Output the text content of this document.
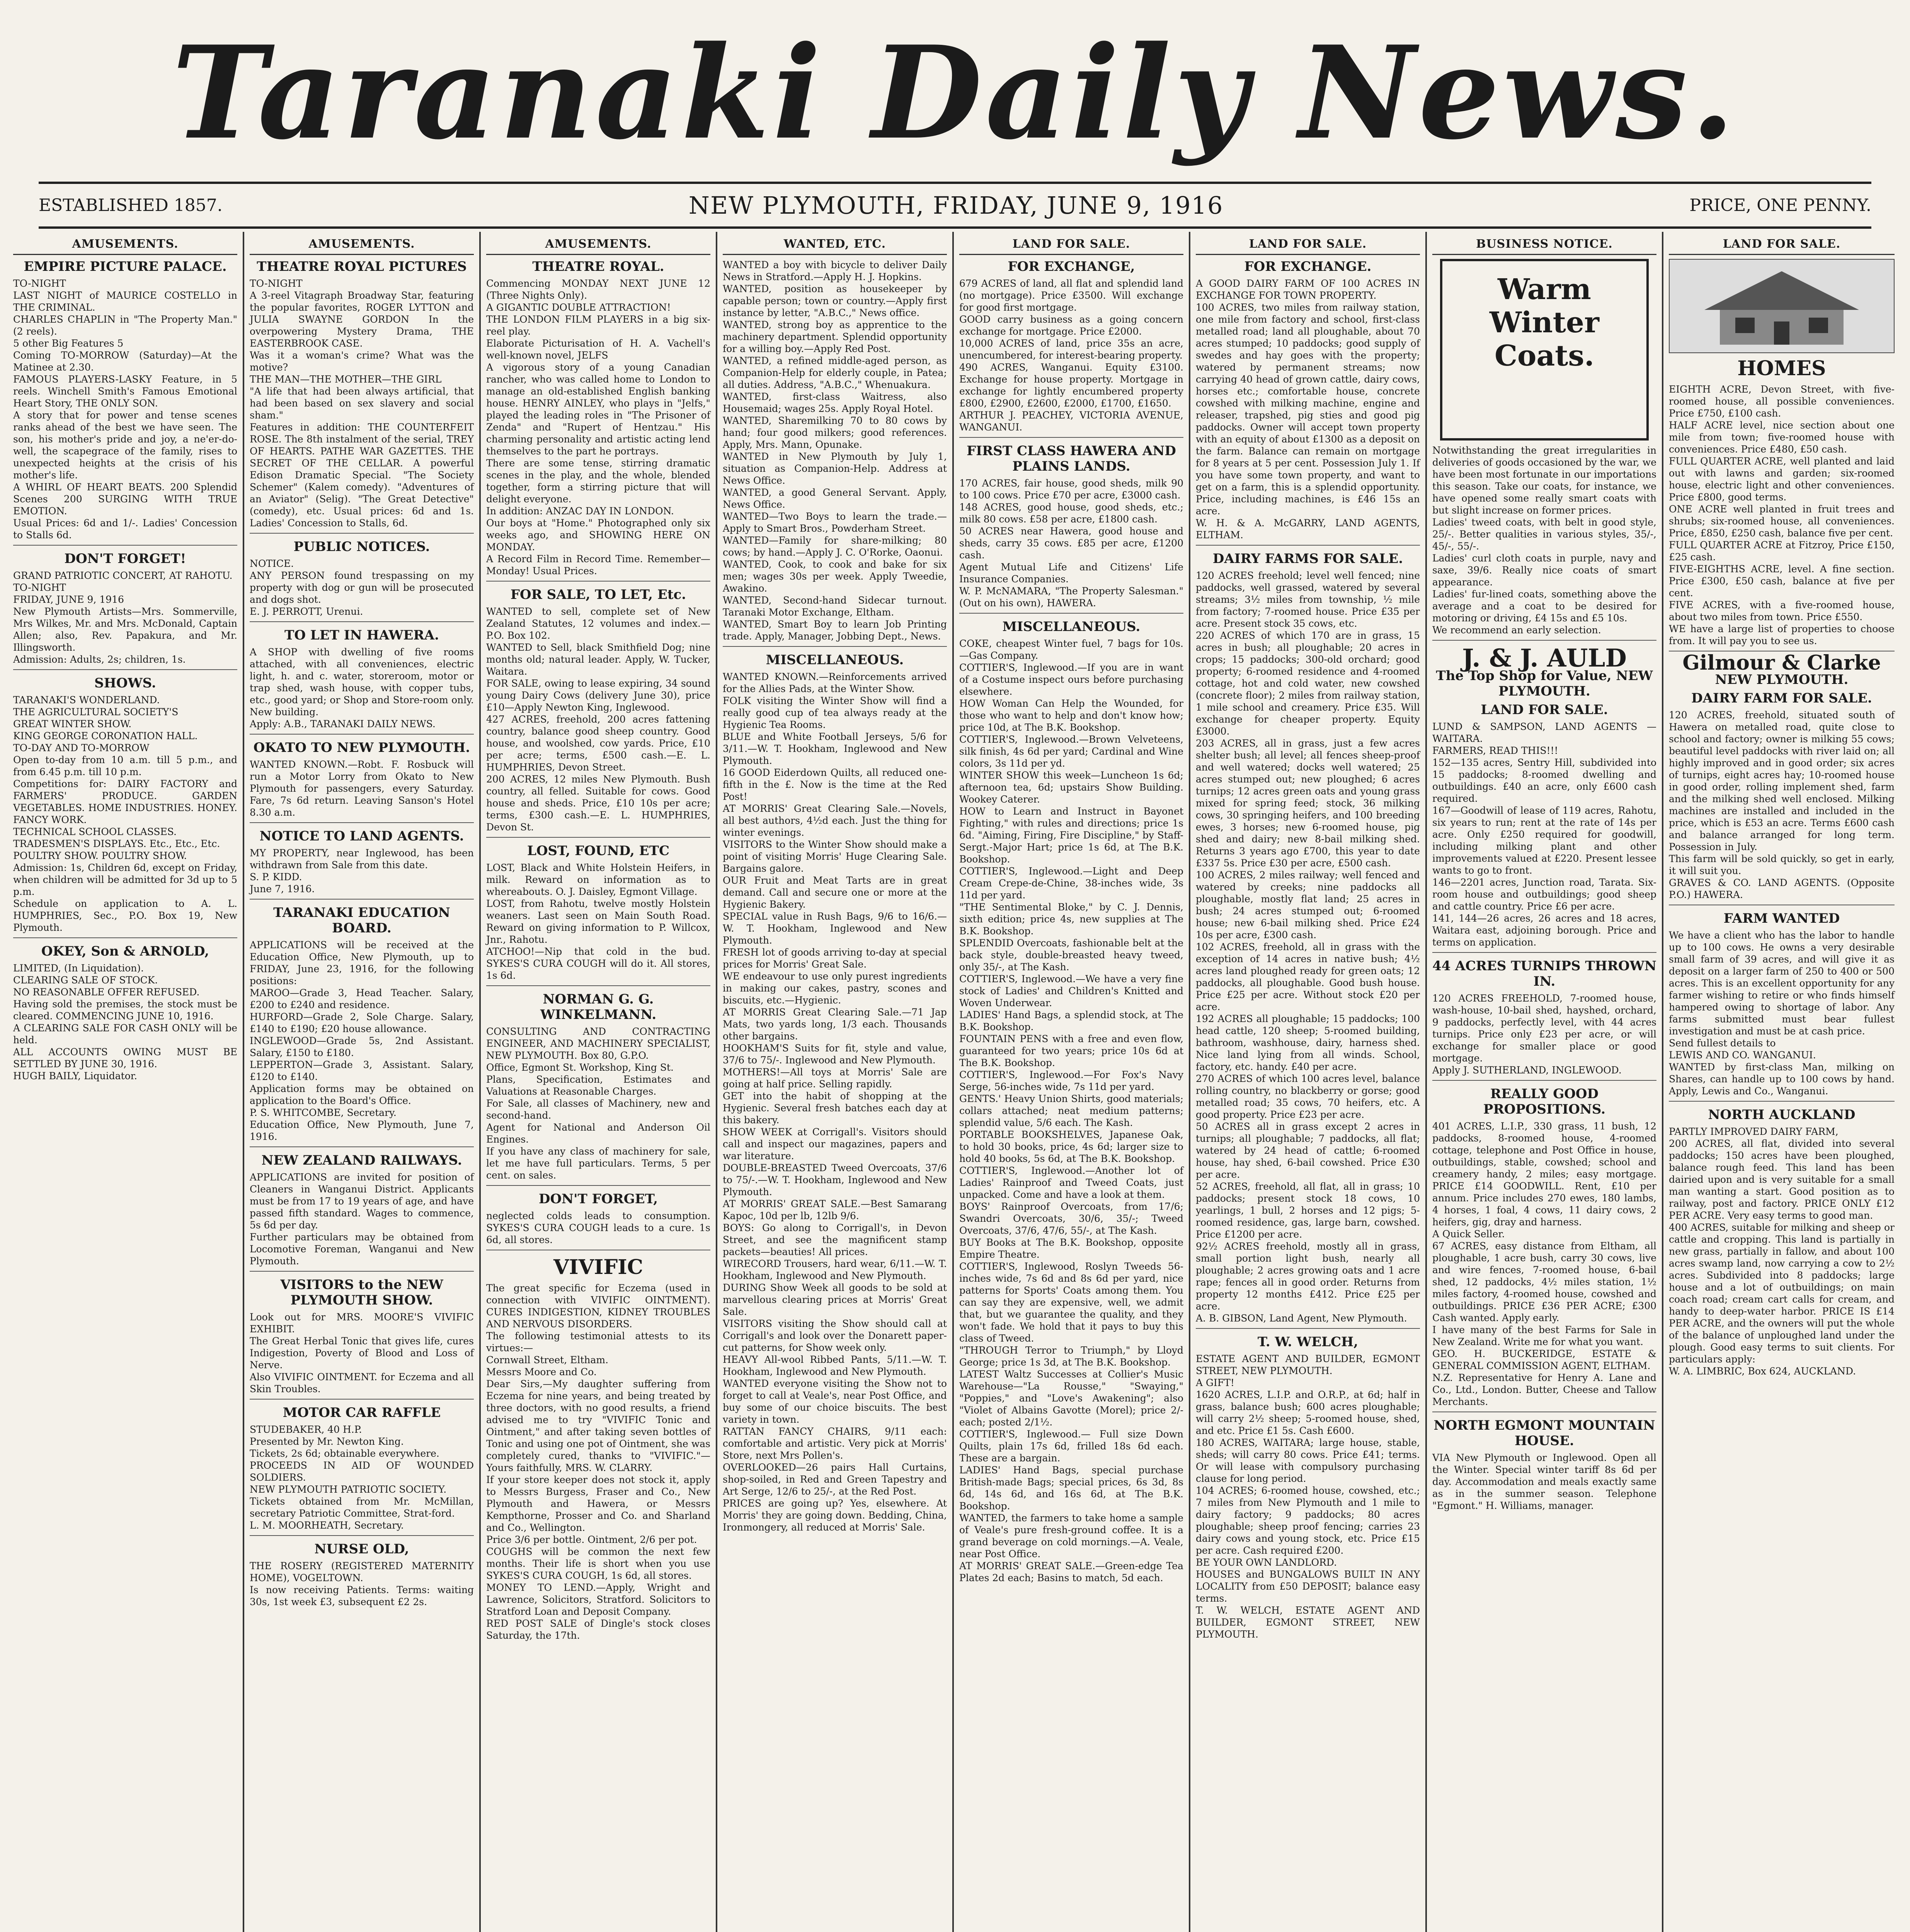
Taranaki Daily News.
ESTABLISHED 1857.	NEW PLYMOUTH, FRIDAY, JUNE 9, 1916	PRICE, ONE PENNY.
AMUSEMENTS.
EMPIRE PICTURE PALACE.
TO-NIGHT
LAST NIGHT of MAURICE COSTELLO in THE CRIMINAL.
CHARLES CHAPLIN in "The Property Man." (2 reels).
5 other Big Features 5
Coming TO-MORROW (Saturday)—At the Matinee at 2.30.
FAMOUS PLAYERS-LASKY Feature, in 5 reels. Winchell Smith's Famous Emotional Heart Story, THE ONLY SON.
A story that for power and tense scenes ranks ahead of the best we have seen. The son, his mother's pride and joy, a ne'er-do-well, the scapegrace of the family, rises to unexpected heights at the crisis of his mother's life.
A WHIRL OF HEART BEATS. 200 Splendid Scenes 200 SURGING WITH TRUE EMOTION.
Usual Prices: 6d and 1/-. Ladies' Concession to Stalls 6d.
DON'T FORGET!
GRAND PATRIOTIC CONCERT, AT RAHOTU.
TO-NIGHT
FRIDAY, JUNE 9, 1916
New Plymouth Artists—Mrs. Sommerville, Mrs Wilkes, Mr. and Mrs. McDonald, Captain Allen; also, Rev. Papakura, and Mr. Illingsworth.
Admission: Adults, 2s; children, 1s.
SHOWS.
TARANAKI'S WONDERLAND.
THE AGRICULTURAL SOCIETY'S
GREAT WINTER SHOW.
KING GEORGE CORONATION HALL.
TO-DAY AND TO-MORROW
Open to-day from 10 a.m. till 5 p.m., and from 6.45 p.m. till 10 p.m.
Competitions for: DAIRY FACTORY and FARMERS' PRODUCE. GARDEN VEGETABLES. HOME INDUSTRIES. HONEY. FANCY WORK.
TECHNICAL SCHOOL CLASSES.
TRADESMEN'S DISPLAYS. Etc., Etc., Etc.
POULTRY SHOW. POULTRY SHOW.
Admission: 1s, Children 6d, except on Friday, when children will be admitted for 3d up to 5 p.m.
Schedule on application to A. L. HUMPHRIES, Sec., P.O. Box 19, New Plymouth.
OKEY, Son & ARNOLD,
LIMITED, (In Liquidation).
CLEARING SALE OF STOCK.
NO REASONABLE OFFER REFUSED.
Having sold the premises, the stock must be cleared. COMMENCING JUNE 10, 1916.
A CLEARING SALE FOR CASH ONLY will be held.
ALL ACCOUNTS OWING MUST BE SETTLED BY JUNE 30, 1916.
HUGH BAILY, Liquidator.
AMUSEMENTS.
THEATRE ROYAL PICTURES
TO-NIGHT
A 3-reel Vitagraph Broadway Star, featuring the popular favorites, ROGER LYTTON and JULIA SWAYNE GORDON In the overpowering Mystery Drama, THE EASTERBROOK CASE.
Was it a woman's crime? What was the motive?
THE MAN—THE MOTHER—THE GIRL
"A life that had been always artificial, that had been based on sex slavery and social sham."
Features in addition: THE COUNTERFEIT ROSE. The 8th instalment of the serial, TREY OF HEARTS. PATHE WAR GAZETTES. THE SECRET OF THE CELLAR. A powerful Edison Dramatic Special. "The Society Schemer" (Kalem comedy). "Adventures of an Aviator" (Selig). "The Great Detective" (comedy), etc. Usual prices: 6d and 1s. Ladies' Concession to Stalls, 6d.
PUBLIC NOTICES.
NOTICE.
ANY PERSON found trespassing on my property with dog or gun will be prosecuted and dogs shot.
E. J. PERROTT, Urenui.
TO LET IN HAWERA.
A SHOP with dwelling of five rooms attached, with all conveniences, electric light, h. and c. water, storeroom, motor or trap shed, wash house, with copper tubs, etc., good yard; or Shop and Store-room only. New building.
Apply: A.B., TARANAKI DAILY NEWS.
OKATO TO NEW PLYMOUTH.
WANTED KNOWN.—Robt. F. Rosbuck will run a Motor Lorry from Okato to New Plymouth for passengers, every Saturday. Fare, 7s 6d return. Leaving Sanson's Hotel 8.30 a.m.
NOTICE TO LAND AGENTS.
MY PROPERTY, near Inglewood, has been withdrawn from Sale from this date.
S. P. KIDD.
June 7, 1916.
TARANAKI EDUCATION BOARD.
APPLICATIONS will be received at the Education Office, New Plymouth, up to FRIDAY, June 23, 1916, for the following positions:
MAROO—Grade 3, Head Teacher. Salary, £200 to £240 and residence.
HURFORD—Grade 2, Sole Charge. Salary, £140 to £190; £20 house allowance.
INGLEWOOD—Grade 5s, 2nd Assistant. Salary, £150 to £180.
LEPPERTON—Grade 3, Assistant. Salary, £120 to £140.
Application forms may be obtained on application to the Board's Office.
P. S. WHITCOMBE, Secretary.
Education Office, New Plymouth, June 7, 1916.
NEW ZEALAND RAILWAYS.
APPLICATIONS are invited for position of Cleaners in Wanganui District. Applicants must be from 17 to 19 years of age, and have passed fifth standard. Wages to commence, 5s 6d per day.
Further particulars may be obtained from Locomotive Foreman, Wanganui and New Plymouth.
VISITORS to the NEW PLYMOUTH SHOW.
Look out for MRS. MOORE'S VIVIFIC EXHIBIT.
The Great Herbal Tonic that gives life, cures Indigestion, Poverty of Blood and Loss of Nerve.
Also VIVIFIC OINTMENT. for Eczema and all Skin Troubles.
MOTOR CAR RAFFLE
STUDEBAKER, 40 H.P.
Presented by Mr. Newton King.
Tickets, 2s 6d; obtainable everywhere.
PROCEEDS IN AID OF WOUNDED SOLDIERS.
NEW PLYMOUTH PATRIOTIC SOCIETY.
Tickets obtained from Mr. McMillan, secretary Patriotic Committee, Strat-ford.
L. M. MOORHEATH, Secretary.
NURSE OLD,
THE ROSERY (REGISTERED MATERNITY HOME), VOGELTOWN.
Is now receiving Patients. Terms: waiting 30s, 1st week £3, subsequent £2 2s.
AMUSEMENTS.
THEATRE ROYAL.
Commencing MONDAY NEXT JUNE 12 (Three Nights Only).
A GIGANTIC DOUBLE ATTRACTION!
THE LONDON FILM PLAYERS in a big six-reel play.
Elaborate Picturisation of H. A. Vachell's well-known novel, JELFS
A vigorous story of a young Canadian rancher, who was called home to London to manage an old-established English banking house. HENRY AINLEY, who plays in "Jelfs," played the leading roles in "The Prisoner of Zenda" and "Rupert of Hentzau." His charming personality and artistic acting lend themselves to the part he portrays.
There are some tense, stirring dramatic scenes in the play, and the whole, blended together, form a stirring picture that will delight everyone.
In addition: ANZAC DAY IN LONDON.
Our boys at "Home." Photographed only six weeks ago, and SHOWING HERE ON MONDAY.
A Record Film in Record Time. Remember—Monday! Usual Prices.
FOR SALE, TO LET, Etc.
WANTED to sell, complete set of New Zealand Statutes, 12 volumes and index.—P.O. Box 102.
WANTED to Sell, black Smithfield Dog; nine months old; natural leader. Apply, W. Tucker, Waitara.
FOR SALE, owing to lease expiring, 34 sound young Dairy Cows (delivery June 30), price £10—Apply Newton King, Inglewood.
427 ACRES, freehold, 200 acres fattening country, balance good sheep country. Good house, and woolshed, cow yards. Price, £10 per acre; terms, £500 cash.—E. L. HUMPHRIES, Devon Street.
200 ACRES, 12 miles New Plymouth. Bush country, all felled. Suitable for cows. Good house and sheds. Price, £10 10s per acre; terms, £300 cash.—E. L. HUMPHRIES, Devon St.
LOST, FOUND, ETC
LOST, Black and White Holstein Heifers, in milk. Reward on information as to whereabouts. O. J. Daisley, Egmont Village.
LOST, from Rahotu, twelve mostly Holstein weaners. Last seen on Main South Road. Reward on giving information to P. Willcox, Jnr., Rahotu.
ATCHOO!—Nip that cold in the bud. SYKES'S CURA COUGH will do it. All stores, 1s 6d.
NORMAN G. G. WINKELMANN.
CONSULTING AND CONTRACTING ENGINEER, AND MACHINERY SPECIALIST, NEW PLYMOUTH. Box 80, G.P.O.
Office, Egmont St. Workshop, King St.
Plans, Specification, Estimates and Valuations at Reasonable Charges.
For Sale, all classes of Machinery, new and second-hand.
Agent for National and Anderson Oil Engines.
If you have any class of machinery for sale, let me have full particulars. Terms, 5 per cent. on sales.
DON'T FORGET,
neglected colds leads to consumption. SYKES'S CURA COUGH leads to a cure. 1s 6d, all stores.
VIVIFIC
The great specific for Eczema (used in connection with VIVIFIC OINTMENT). CURES INDIGESTION, KIDNEY TROUBLES AND NERVOUS DISORDERS.
The following testimonial attests to its virtues:—
Cornwall Street, Eltham.
Messrs Moore and Co.
Dear Sirs,—My daughter suffering from Eczema for nine years, and being treated by three doctors, with no good results, a friend advised me to try "VIVIFIC Tonic and Ointment," and after taking seven bottles of Tonic and using one pot of Ointment, she was completely cured, thanks to "VIVIFIC."—Yours faithfully, MRS. W. CLARRY.
If your store keeper does not stock it, apply to Messrs Burgess, Fraser and Co., New Plymouth and Hawera, or Messrs Kempthorne, Prosser and Co. and Sharland and Co., Wellington.
Price 3/6 per bottle. Ointment, 2/6 per pot.
COUGHS will be common the next few months. Their life is short when you use SYKES'S CURA COUGH, 1s 6d, all stores.
MONEY TO LEND.—Apply, Wright and Lawrence, Solicitors, Stratford. Solicitors to Stratford Loan and Deposit Company.
RED POST SALE of Dingle's stock closes Saturday, the 17th.
WANTED, ETC.
WANTED a boy with bicycle to deliver Daily News in Stratford.—Apply H. J. Hopkins.
WANTED, position as housekeeper by capable person; town or country.—Apply first instance by letter, "A.B.C.," News office.
WANTED, strong boy as apprentice to the machinery department. Splendid opportunity for a willing boy.—Apply Red Post.
WANTED, a refined middle-aged person, as Companion-Help for elderly couple, in Patea; all duties. Address, "A.B.C.," Whenuakura.
WANTED, first-class Waitress, also Housemaid; wages 25s. Apply Royal Hotel.
WANTED, Sharemilking 70 to 80 cows by hand; four good milkers; good references. Apply, Mrs. Mann, Opunake.
WANTED in New Plymouth by July 1, situation as Companion-Help. Address at News Office.
WANTED, a good General Servant. Apply, News Office.
WANTED—Two Boys to learn the trade.—Apply to Smart Bros., Powderham Street.
WANTED—Family for share-milking; 80 cows; by hand.—Apply J. C. O'Rorke, Oaonui.
WANTED, Cook, to cook and bake for six men; wages 30s per week. Apply Tweedie, Awakino.
WANTED, Second-hand Sidecar turnout. Taranaki Motor Exchange, Eltham.
WANTED, Smart Boy to learn Job Printing trade. Apply, Manager, Jobbing Dept., News.
MISCELLANEOUS.
WANTED KNOWN.—Reinforcements arrived for the Allies Pads, at the Winter Show.
FOLK visiting the Winter Show will find a really good cup of tea always ready at the Hygienic Tea Rooms.
BLUE and White Football Jerseys, 5/6 for 3/11.—W. T. Hookham, Inglewood and New Plymouth.
16 GOOD Eiderdown Quilts, all reduced one-fifth in the £. Now is the time at the Red Post!
AT MORRIS' Great Clearing Sale.—Novels, all best authors, 4½d each. Just the thing for winter evenings.
VISITORS to the Winter Show should make a point of visiting Morris' Huge Clearing Sale. Bargains galore.
OUR Fruit and Meat Tarts are in great demand. Call and secure one or more at the Hygienic Bakery.
SPECIAL value in Rush Bags, 9/6 to 16/6.—W. T. Hookham, Inglewood and New Plymouth.
FRESH lot of goods arriving to-day at special prices for Morris' Great Sale.
WE endeavour to use only purest ingredients in making our cakes, pastry, scones and biscuits, etc.—Hygienic.
AT MORRIS Great Clearing Sale.—71 Jap Mats, two yards long, 1/3 each. Thousands other bargains.
HOOKHAM'S Suits for fit, style and value, 37/6 to 75/-. Inglewood and New Plymouth.
MOTHERS!—All toys at Morris' Sale are going at half price. Selling rapidly.
GET into the habit of shopping at the Hygienic. Several fresh batches each day at this bakery.
SHOW WEEK at Corrigall's. Visitors should call and inspect our magazines, papers and war literature.
DOUBLE-BREASTED Tweed Overcoats, 37/6 to 75/-.—W. T. Hookham, Inglewood and New Plymouth.
AT MORRIS' GREAT SALE.—Best Samarang Kapoc, 10d per lb, 12lb 9/6.
BOYS: Go along to Corrigall's, in Devon Street, and see the magnificent stamp packets—beauties! All prices.
WIRECORD Trousers, hard wear, 6/11.—W. T. Hookham, Inglewood and New Plymouth.
DURING Show Week all goods to be sold at marvellous clearing prices at Morris' Great Sale.
VISITORS visiting the Show should call at Corrigall's and look over the Donarett paper-cut patterns, for Show week only.
HEAVY All-wool Ribbed Pants, 5/11.—W. T. Hookham, Inglewood and New Plymouth.
WANTED everyone visiting the Show not to forget to call at Veale's, near Post Office, and buy some of our choice biscuits. The best variety in town.
RATTAN FANCY CHAIRS, 9/11 each: comfortable and artistic. Very pick at Morris' Store, next Mrs Pollen's.
OVERLOOKED—26 pairs Hall Curtains, shop-soiled, in Red and Green Tapestry and Art Serge, 12/6 to 25/-, at the Red Post.
PRICES are going up? Yes, elsewhere. At Morris' they are going down. Bedding, China, Ironmongery, all reduced at Morris' Sale.
LAND FOR SALE.
FOR EXCHANGE,
679 ACRES of land, all flat and splendid land (no mortgage). Price £3500. Will exchange for good first mortgage.
GOOD carry business as a going concern exchange for mortgage. Price £2000.
10,000 ACRES of land, price 35s an acre, unencumbered, for interest-bearing property.
490 ACRES, Wanganui. Equity £3100. Exchange for house property. Mortgage in exchange for lightly encumbered property £800, £2900, £2600, £2000, £1700, £1650.
ARTHUR J. PEACHEY, VICTORIA AVENUE, WANGANUI.
FIRST CLASS HAWERA AND PLAINS LANDS.
170 ACRES, fair house, good sheds, milk 90 to 100 cows. Price £70 per acre, £3000 cash.
148 ACRES, good house, good sheds, etc.; milk 80 cows. £58 per acre, £1800 cash.
50 ACRES near Hawera, good house and sheds, carry 35 cows. £85 per acre, £1200 cash.
Agent Mutual Life and Citizens' Life Insurance Companies.
W. P. McNAMARA, "The Property Salesman." (Out on his own), HAWERA.
MISCELLANEOUS.
COKE, cheapest Winter fuel, 7 bags for 10s.—Gas Company.
COTTIER'S, Inglewood.—If you are in want of a Costume inspect ours before purchasing elsewhere.
HOW Woman Can Help the Wounded, for those who want to help and don't know how; price 10d, at The B.K. Bookshop.
COTTIER'S, Inglewood.—Brown Velveteens, silk finish, 4s 6d per yard; Cardinal and Wine colors, 3s 11d per yd.
WINTER SHOW this week—Luncheon 1s 6d; afternoon tea, 6d; upstairs Show Building. Wookey Caterer.
HOW to Learn and Instruct in Bayonet Fighting," with rules and directions; price 1s 6d. "Aiming, Firing, Fire Discipline," by Staff-Sergt.-Major Hart; price 1s 6d, at The B.K. Bookshop.
COTTIER'S, Inglewood.—Light and Deep Cream Crepe-de-Chine, 38-inches wide, 3s 11d per yard.
"THE Sentimental Bloke," by C. J. Dennis, sixth edition; price 4s, new supplies at The B.K. Bookshop.
SPLENDID Overcoats, fashionable belt at the back style, double-breasted heavy tweed, only 35/-, at The Kash.
COTTIER'S, Inglewood.—We have a very fine stock of Ladies' and Children's Knitted and Woven Underwear.
LADIES' Hand Bags, a splendid stock, at The B.K. Bookshop.
FOUNTAIN PENS with a free and even flow, guaranteed for two years; price 10s 6d at The B.K. Bookshop.
COTTIER'S, Inglewood.—For Fox's Navy Serge, 56-inches wide, 7s 11d per yard.
GENTS.' Heavy Union Shirts, good materials; collars attached; neat medium patterns; splendid value, 5/6 each. The Kash.
PORTABLE BOOKSHELVES, Japanese Oak, to hold 30 books, price, 4s 6d; larger size to hold 40 books, 5s 6d, at The B.K. Bookshop.
COTTIER'S, Inglewood.—Another lot of Ladies' Rainproof and Tweed Coats, just unpacked. Come and have a look at them.
BOYS' Rainproof Overcoats, from 17/6; Swandri Overcoats, 30/6, 35/-; Tweed Overcoats, 37/6, 47/6, 55/-, at The Kash.
BUY Books at The B.K. Bookshop, opposite Empire Theatre.
COTTIER'S, Inglewood, Roslyn Tweeds 56-inches wide, 7s 6d and 8s 6d per yard, nice patterns for Sports' Coats among them. You can say they are expensive, well, we admit that, but we guarantee the quality, and they won't fade. We hold that it pays to buy this class of Tweed.
"THROUGH Terror to Triumph," by Lloyd George; price 1s 3d, at The B.K. Bookshop.
LATEST Waltz Successes at Collier's Music Warehouse—"La Rousse," "Swaying," "Poppies," and "Love's Awakening"; also "Violet of Albains Gavotte (Morel); price 2/- each; posted 2/1½.
COTTIER'S, Inglewood.— Full size Down Quilts, plain 17s 6d, frilled 18s 6d each. These are a bargain.
LADIES' Hand Bags, special purchase British-made Bags; special prices, 6s 3d, 8s 6d, 14s 6d, and 16s 6d, at The B.K. Bookshop.
WANTED, the farmers to take home a sample of Veale's pure fresh-ground coffee. It is a grand beverage on cold mornings.—A. Veale, near Post Office.
AT MORRIS' GREAT SALE.—Green-edge Tea Plates 2d each; Basins to match, 5d each.
LAND FOR SALE.
FOR EXCHANGE.
A GOOD DAIRY FARM OF 100 ACRES IN EXCHANGE FOR TOWN PROPERTY.
100 ACRES, two miles from railway station, one mile from factory and school, first-class metalled road; land all ploughable, about 70 acres stumped; 10 paddocks; good supply of swedes and hay goes with the property; watered by permanent streams; now carrying 40 head of grown cattle, dairy cows, horses etc.; comfortable house, concrete cowshed with milking machine, engine and releaser, trapshed, pig sties and good pig paddocks. Owner will accept town property with an equity of about £1300 as a deposit on the farm. Balance can remain on mortgage for 8 years at 5 per cent. Possession July 1. If you have some town property, and want to get on a farm, this is a splendid opportunity. Price, including machines, is £46 15s an acre.
W. H. & A. McGARRY, LAND AGENTS, ELTHAM.
DAIRY FARMS FOR SALE.
120 ACRES freehold; level well fenced; nine paddocks, well grassed, watered by several streams; 3½ miles from township, ½ mile from factory; 7-roomed house. Price £35 per acre. Present stock 35 cows, etc.
220 ACRES of which 170 are in grass, 15 acres in bush; all ploughable; 20 acres in crops; 15 paddocks; 300-old orchard; good property; 6-roomed residence and 4-roomed cottage, hot and cold water, new cowshed (concrete floor); 2 miles from railway station, 1 mile school and creamery. Price £35. Will exchange for cheaper property. Equity £3000.
203 ACRES, all in grass, just a few acres shelter bush; all level; all fences sheep-proof and well watered; docks well watered; 25 acres stumped out; new ploughed; 6 acres turnips; 12 acres green oats and young grass mixed for spring feed; stock, 36 milking cows, 30 springing heifers, and 100 breeding ewes, 3 horses; new 6-roomed house, pig shed and dairy; new 8-bail milking shed. Returns 3 years ago £700, this year to date £337 5s. Price £30 per acre, £500 cash.
100 ACRES, 2 miles railway; well fenced and watered by creeks; nine paddocks all ploughable, mostly flat land; 25 acres in bush; 24 acres stumped out; 6-roomed house; new 6-bail milking shed. Price £24 10s per acre, £300 cash.
102 ACRES, freehold, all in grass with the exception of 14 acres in native bush; 4½ acres land ploughed ready for green oats; 12 paddocks, all ploughable. Good bush house. Price £25 per acre. Without stock £20 per acre.
192 ACRES all ploughable; 15 paddocks; 100 head cattle, 120 sheep; 5-roomed building, bathroom, washhouse, dairy, harness shed. Nice land lying from all winds. School, factory, etc. handy. £40 per acre.
270 ACRES of which 100 acres level, balance rolling country, no blackberry or gorse; good metalled road; 35 cows, 70 heifers, etc. A good property. Price £23 per acre.
50 ACRES all in grass except 2 acres in turnips; all ploughable; 7 paddocks, all flat; watered by 24 head of cattle; 6-roomed house, hay shed, 6-bail cowshed. Price £30 per acre.
52 ACRES, freehold, all flat, all in grass; 10 paddocks; present stock 18 cows, 10 yearlings, 1 bull, 2 horses and 12 pigs; 5-roomed residence, gas, large barn, cowshed. Price £1200 per acre.
92½ ACRES freehold, mostly all in grass, small portion light bush, nearly all ploughable; 2 acres growing oats and 1 acre rape; fences all in good order. Returns from property 12 months £412. Price £25 per acre.
A. B. GIBSON, Land Agent, New Plymouth.
T. W. WELCH,
ESTATE AGENT AND BUILDER, EGMONT STREET, NEW PLYMOUTH.
A GIFT!
1620 ACRES, L.I.P. and O.R.P., at 6d; half in grass, balance bush; 600 acres ploughable; will carry 2½ sheep; 5-roomed house, shed, and etc. Price £1 5s. Cash £600.
180 ACRES, WAITARA; large house, stable, sheds; will carry 80 cows. Price £41; terms. Or will lease with compulsory purchasing clause for long period.
104 ACRES; 6-roomed house, cowshed, etc.; 7 miles from New Plymouth and 1 mile to dairy factory; 9 paddocks; 80 acres ploughable; sheep proof fencing; carries 23 dairy cows and young stock, etc. Price £15 per acre. Cash required £200.
BE YOUR OWN LANDLORD.
HOUSES and BUNGALOWS BUILT IN ANY LOCALITY from £50 DEPOSIT; balance easy terms.
T. W. WELCH, ESTATE AGENT AND BUILDER, EGMONT STREET, NEW PLYMOUTH.
BUSINESS NOTICE.
Warm Winter Coats.
Notwithstanding the great irregularities in deliveries of goods occasioned by the war, we have been most fortunate in our importations this season. Take our coats, for instance, we have opened some really smart coats with but slight increase on former prices.
Ladies' tweed coats, with belt in good style, 25/-. Better qualities in various styles, 35/-, 45/-, 55/-.
Ladies' curl cloth coats in purple, navy and saxe, 39/6. Really nice coats of smart appearance.
Ladies' fur-lined coats, something above the average and a coat to be desired for motoring or driving, £4 15s and £5 10s.
We recommend an early selection.
J. & J. AULD
The Top Shop for Value, NEW PLYMOUTH.
LAND FOR SALE.
LUND & SAMPSON, LAND AGENTS — WAITARA.
FARMERS, READ THIS!!!
152—135 acres, Sentry Hill, subdivided into 15 paddocks; 8-roomed dwelling and outbuildings. £40 an acre, only £600 cash required.
167—Goodwill of lease of 119 acres, Rahotu, six years to run; rent at the rate of 14s per acre. Only £250 required for goodwill, including milking plant and other improvements valued at £220. Present lessee wants to go to front.
146—2201 acres, Junction road, Tarata. Six-room house and outbuildings; good sheep and cattle country. Price £6 per acre.
141, 144—26 acres, 26 acres and 18 acres, Waitara east, adjoining borough. Price and terms on application.
44 ACRES TURNIPS THROWN IN.
120 ACRES FREEHOLD, 7-roomed house, wash-house, 10-bail shed, hayshed, orchard, 9 paddocks, perfectly level, with 44 acres turnips. Price only £23 per acre, or will exchange for smaller place or good mortgage.
Apply J. SUTHERLAND, INGLEWOOD.
REALLY GOOD PROPOSITIONS.
401 ACRES, L.I.P., 330 grass, 11 bush, 12 paddocks, 8-roomed house, 4-roomed cottage, telephone and Post Office in house, outbuildings, stable, cowshed; school and creamery handy, 2 miles; easy mortgage. PRICE £14 GOODWILL. Rent, £10 per annum. Price includes 270 ewes, 180 lambs, 4 horses, 1 foal, 4 cows, 11 dairy cows, 2 heifers, gig, dray and harness.
A Quick Seller.
67 ACRES, easy distance from Eltham, all ploughable, 1 acre bush, carry 30 cows, live and wire fences, 7-roomed house, 6-bail shed, 12 paddocks, 4½ miles station, 1½ miles factory, 4-roomed house, cowshed and outbuildings. PRICE £36 PER ACRE; £300 Cash wanted. Apply early.
I have many of the best Farms for Sale in New Zealand. Write me for what you want.
GEO. H. BUCKERIDGE, ESTATE & GENERAL COMMISSION AGENT, ELTHAM.
N.Z. Representative for Henry A. Lane and Co., Ltd., London. Butter, Cheese and Tallow Merchants.
NORTH EGMONT MOUNTAIN HOUSE.
VIA New Plymouth or Inglewood. Open all the Winter. Special winter tariff 8s 6d per day. Accommodation and meals exactly same as in the summer season. Telephone "Egmont." H. Williams, manager.
LAND FOR SALE.
HOMES
EIGHTH ACRE, Devon Street, with five-roomed house, all possible conveniences. Price £750, £100 cash.
HALF ACRE level, nice section about one mile from town; five-roomed house with conveniences. Price £480, £50 cash.
FULL QUARTER ACRE, well planted and laid out with lawns and garden; six-roomed house, electric light and other conveniences. Price £800, good terms.
ONE ACRE well planted in fruit trees and shrubs; six-roomed house, all conveniences. Price, £850, £250 cash, balance five per cent.
FULL QUARTER ACRE at Fitzroy, Price £150, £25 cash.
FIVE-EIGHTHS ACRE, level. A fine section. Price £300, £50 cash, balance at five per cent.
FIVE ACRES, with a five-roomed house, about two miles from town. Price £550.
WE have a large list of properties to choose from. It will pay you to see us.
Gilmour & Clarke
NEW PLYMOUTH.
DAIRY FARM FOR SALE.
120 ACRES, freehold, situated south of Hawera on metalled road, quite close to school and factory; owner is milking 55 cows; beautiful level paddocks with river laid on; all highly improved and in good order; six acres of turnips, eight acres hay; 10-roomed house in good order, rolling implement shed, farm and the milking shed well enclosed. Milking machines are installed and included in the price, which is £53 an acre. Terms £600 cash and balance arranged for long term. Possession in July.
This farm will be sold quickly, so get in early, it will suit you.
GRAVES & CO. LAND AGENTS. (Opposite P.O.) HAWERA.
FARM WANTED
We have a client who has the labor to handle up to 100 cows. He owns a very desirable small farm of 39 acres, and will give it as deposit on a larger farm of 250 to 400 or 500 acres. This is an excellent opportunity for any farmer wishing to retire or who finds himself hampered owing to shortage of labor. Any farms submitted must bear fullest investigation and must be at cash price.
Send fullest details to
LEWIS AND CO. WANGANUI.
WANTED by first-class Man, milking on Shares, can handle up to 100 cows by hand. Apply, Lewis and Co., Wanganui.
NORTH AUCKLAND
PARTLY IMPROVED DAIRY FARM,
200 ACRES, all flat, divided into several paddocks; 150 acres have been ploughed, balance rough feed. This land has been dairied upon and is very suitable for a small man wanting a start. Good position as to railway, post and factory. PRICE ONLY £12 PER ACRE. Very easy terms to good man.
400 ACRES, suitable for milking and sheep or cattle and cropping. This land is partially in new grass, partially in fallow, and about 100 acres swamp land, now carrying a cow to 2½ acres. Subdivided into 8 paddocks; large house and a lot of outbuildings; on main coach road; cream cart calls for cream, and handy to deep-water harbor. PRICE IS £14 PER ACRE, and the owners will put the whole of the balance of unploughed land under the plough. Good easy terms to suit clients. For particulars apply:
W. A. LIMBRIC, Box 624, AUCKLAND.
